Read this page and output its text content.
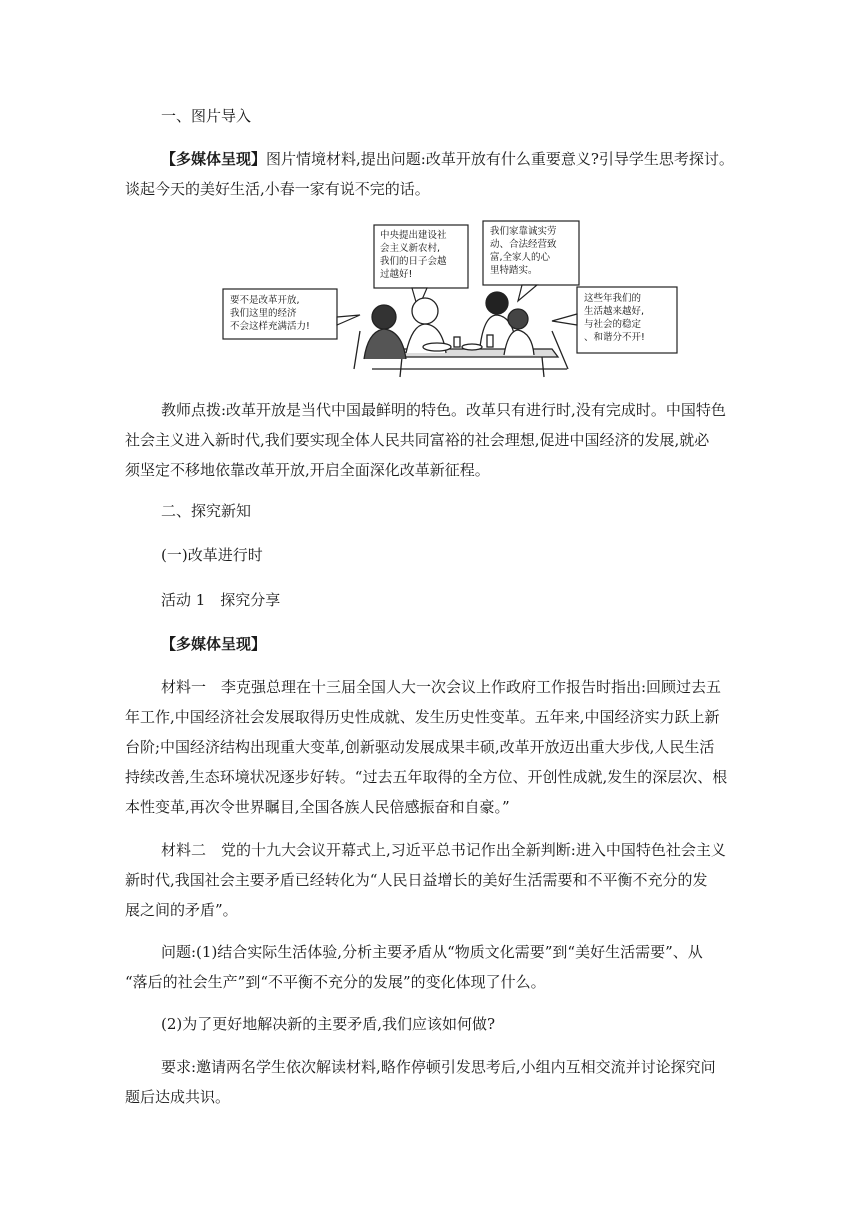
一、图片导入

【多媒体呈现】图片情境材料,提出问题:改革开放有什么重要意义?引导学生思考探讨。
谈起今天的美好生活,小春一家有说不完的话。

要不是改革开放,
我们这里的经济
不会这样充满活力!
中央提出建设社
会主义新农村,
我们的日子会越
过越好!
我们家靠诚实劳
动、合法经营致
富,全家人的心
里特踏实。
这些年我们的
生活越来越好,
与社会的稳定
、和谐分不开!

教师点拨:改革开放是当代中国最鲜明的特色。改革只有进行时,没有完成时。中国特色
社会主义进入新时代,我们要实现全体人民共同富裕的社会理想,促进中国经济的发展,就必
须坚定不移地依靠改革开放,开启全面深化改革新征程。

二、探究新知

(一)改革进行时

活动 1　探究分享

【多媒体呈现】

材料一　李克强总理在十三届全国人大一次会议上作政府工作报告时指出:回顾过去五
年工作,中国经济社会发展取得历史性成就、发生历史性变革。五年来,中国经济实力跃上新
台阶;中国经济结构出现重大变革,创新驱动发展成果丰硕,改革开放迈出重大步伐,人民生活
持续改善,生态环境状况逐步好转。“过去五年取得的全方位、开创性成就,发生的深层次、根
本性变革,再次令世界瞩目,全国各族人民倍感振奋和自豪。”

材料二　党的十九大会议开幕式上,习近平总书记作出全新判断:进入中国特色社会主义
新时代,我国社会主要矛盾已经转化为“人民日益增长的美好生活需要和不平衡不充分的发
展之间的矛盾”。

问题:(1)结合实际生活体验,分析主要矛盾从“物质文化需要”到“美好生活需要”、从
“落后的社会生产”到“不平衡不充分的发展”的变化体现了什么。

(2)为了更好地解决新的主要矛盾,我们应该如何做?

要求:邀请两名学生依次解读材料,略作停顿引发思考后,小组内互相交流并讨论探究问
题后达成共识。
